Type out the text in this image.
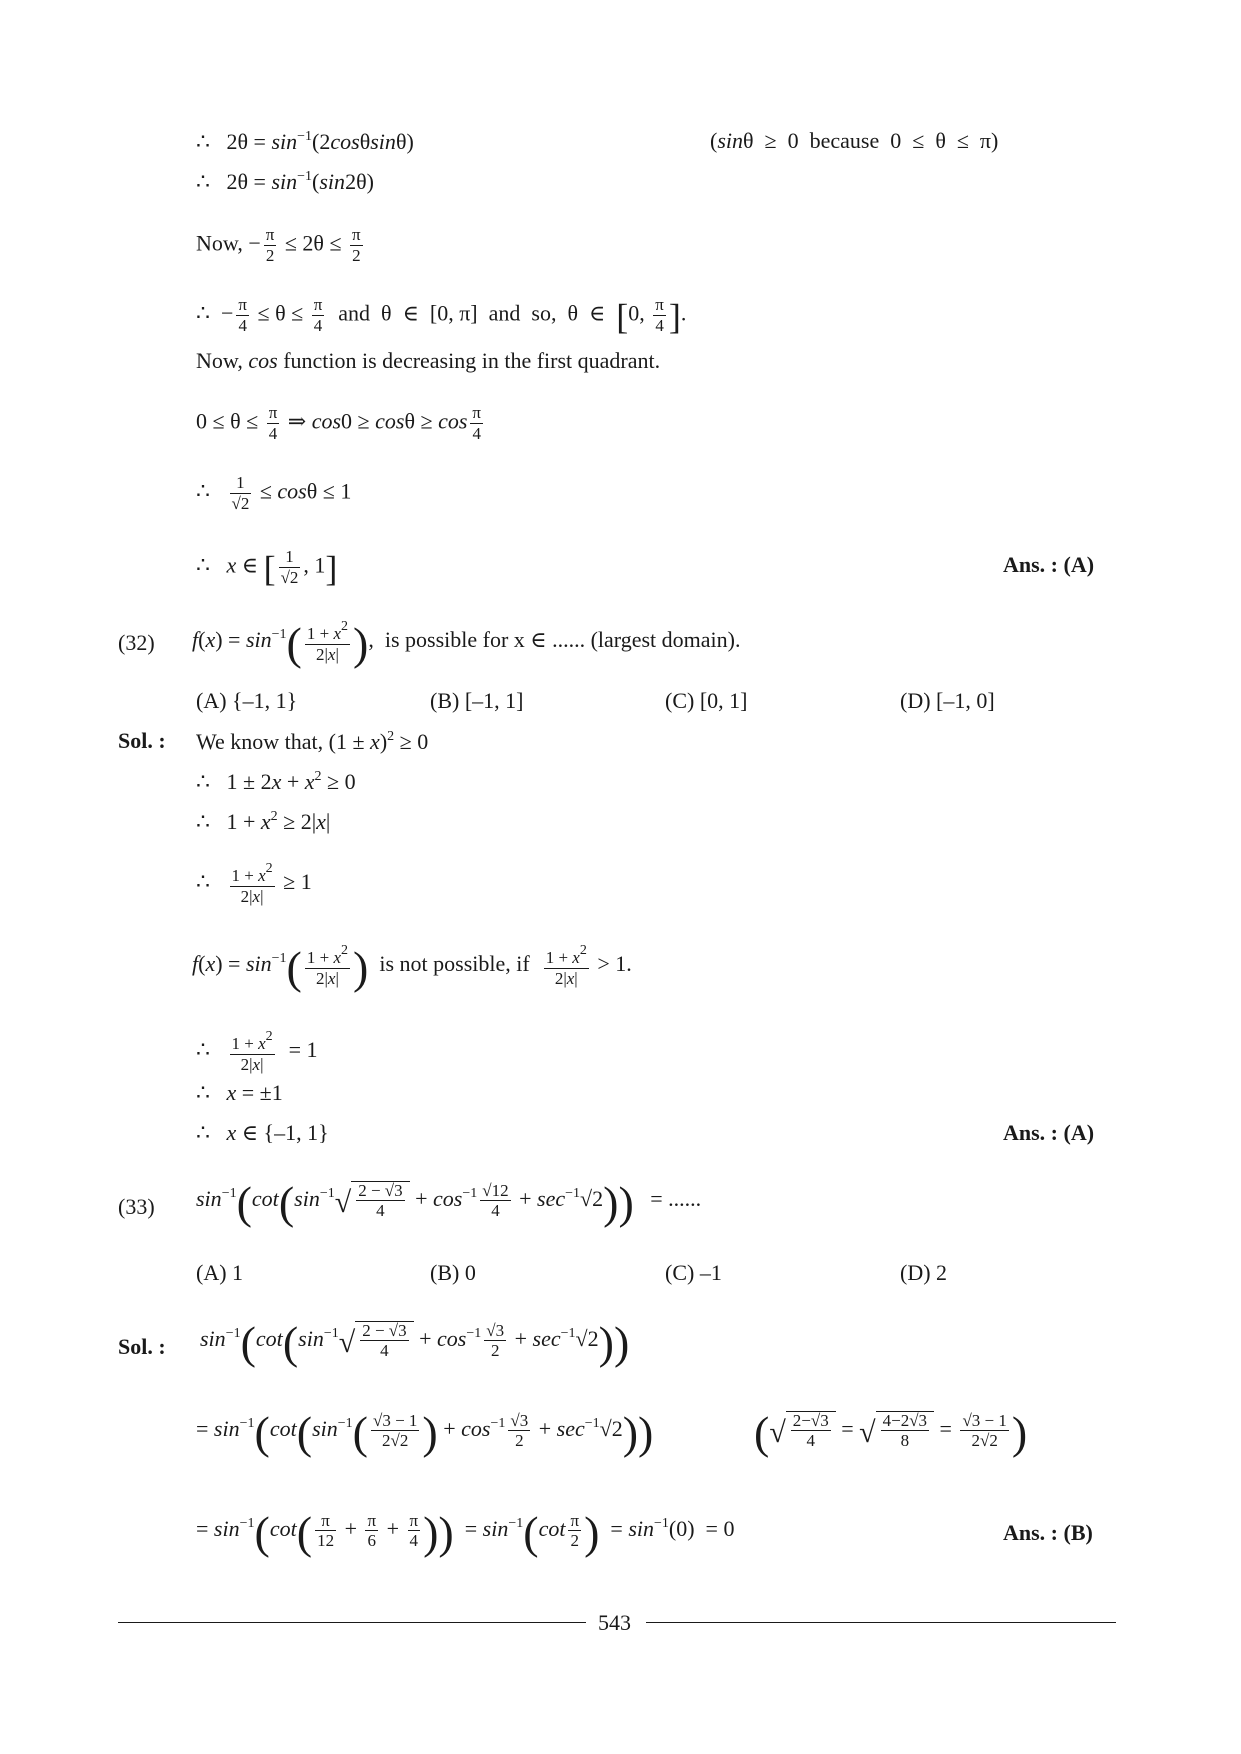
∴   $2\theta = \sin^{-1}(2\cos\theta\sin\theta)$	(sinθ  ≥  0  because  0  ≤  θ  ≤  π)
∴   $2\theta = \sin^{-1}(\sin 2\theta)$
Now, − $\frac{\pi}{2} \le 2\theta \le \frac{\pi}{2}$
∴  − $\frac{\pi}{4} \le \theta \le \frac{\pi}{4}$ and  θ  ∈  [0, π]  and  so,  θ  ∈  [0, $\frac{\pi}{4}$ ].
Now, cos function is decreasing in the first quadrant.
$0 \le \theta \le \frac{\pi}{4}$ ⇒ $\cos 0 \ge \cos\theta \ge \cos \frac{\pi}{4}$
∴ $\frac{1}{√2} \le \cos\theta \le 1$
∴   x ∈ [ $\frac{1}{√2}$ , 1]	Ans. : (A)
(32) $f(x) = \sin^{-1}( \frac{1 + x^2}{2|x|}$ ),  is possible for x ∈ ...... (largest domain).
(A) {–1, 1}	(B) [–1, 1]	(C) [0, 1]	(D) [–1, 0]
Sol. : We know that, $(1 \pm x)^2 \ge 0$
∴   $1 \pm 2x + x^2 \ge 0$
∴   $1 + x^2 \ge 2|x|$
∴ $\frac{1 + x^2}{2|x|} \ge 1$
$f(x) = \sin^{-1}( \frac{1 + x^2}{2|x|}$ ) is not possible, if $\frac{1 + x^2}{2|x|} > 1$.
∴ $\frac{1 + x^2}{2|x|} = 1$
∴   x = ±1
∴   x ∈ {–1, 1}	Ans. : (A)
(33) $\sin^{-1}(\cot(\sin^{-1}√ \frac{2 - √3}{4} + \cos^{-1} \frac{√12}{4} + \sec^{-1}√2))$ = ......
(A) 1	(B) 0	(C) –1	(D) 2
Sol. : $\sin^{-1}(\cot(\sin^{-1}√ \frac{2 - √3}{4} + \cos^{-1} \frac{√3}{2} + \sec^{-1}√2))$
= $\sin^{-1}(\cot(\sin^{-1}( \frac{√3 - 1}{2√2}$ ) + $\cos^{-1} \frac{√3}{2} + \sec^{-1}√2$)) (√ $\frac{2-√3}{4}$ = √ $\frac{4-2√3}{8} = \frac{√3 - 1}{2√2}$ )
= $\sin^{-1}(\cot( \frac{\pi}{12} + \frac{\pi}{6} + \frac{\pi}{4}$ ))  = $\sin^{-1}(\cot \frac{\pi}{2}$ )  = $\sin^{-1}(0) = 0$	Ans. : (B)
543
